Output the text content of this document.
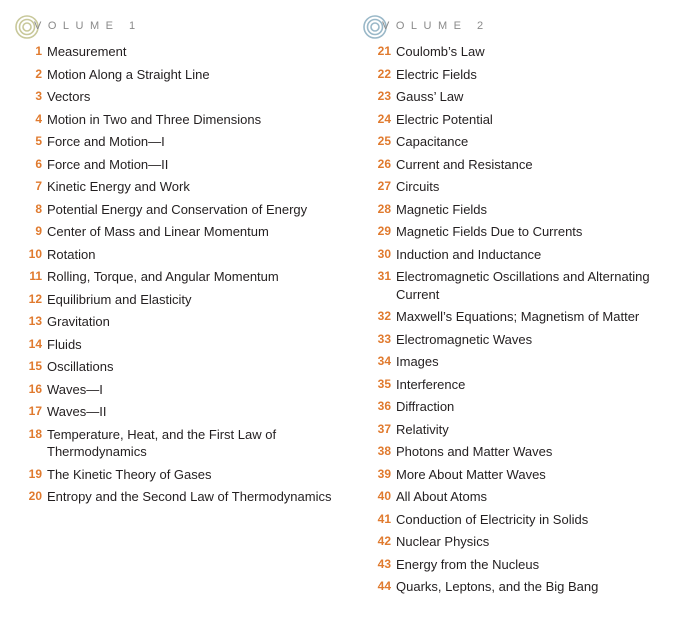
VOLUME 1
1 Measurement
2 Motion Along a Straight Line
3 Vectors
4 Motion in Two and Three Dimensions
5 Force and Motion—I
6 Force and Motion—II
7 Kinetic Energy and Work
8 Potential Energy and Conservation of Energy
9 Center of Mass and Linear Momentum
10 Rotation
11 Rolling, Torque, and Angular Momentum
12 Equilibrium and Elasticity
13 Gravitation
14 Fluids
15 Oscillations
16 Waves—I
17 Waves—II
18 Temperature, Heat, and the First Law of Thermodynamics
19 The Kinetic Theory of Gases
20 Entropy and the Second Law of Thermodynamics
VOLUME 2
21 Coulomb’s Law
22 Electric Fields
23 Gauss’ Law
24 Electric Potential
25 Capacitance
26 Current and Resistance
27 Circuits
28 Magnetic Fields
29 Magnetic Fields Due to Currents
30 Induction and Inductance
31 Electromagnetic Oscillations and Alternating Current
32 Maxwell’s Equations; Magnetism of Matter
33 Electromagnetic Waves
34 Images
35 Interference
36 Diffraction
37 Relativity
38 Photons and Matter Waves
39 More About Matter Waves
40 All About Atoms
41 Conduction of Electricity in Solids
42 Nuclear Physics
43 Energy from the Nucleus
44 Quarks, Leptons, and the Big Bang
